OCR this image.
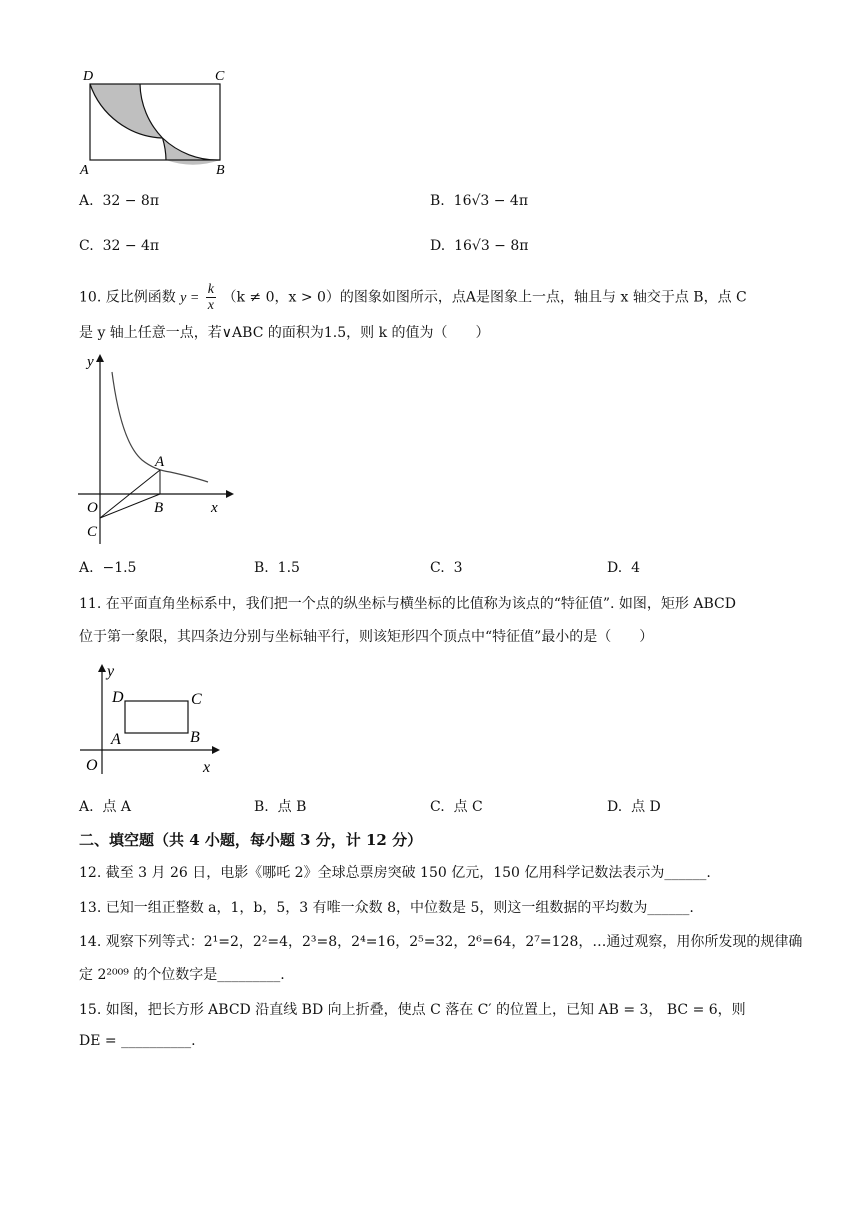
D	C
A	B
A. 32 − 8π	B. 16√3 − 4π
C. 32 − 4π	D. 16√3 − 8π
10. 反比例函数 $y = \frac{k}{x} (k \ne 0$，x > 0）的图象如图所示，点A是图象上一点，轴且与 x 轴交于点 B，点 C
是 y 轴上任意一点，若∨ABC 的面积为1.5，则 k 的值为（　　）
y
A
O	B	x
C
A. −1.5	B. 1.5	C. 3	D. 4
11. 在平面直角坐标系中，我们把一个点的纵坐标与横坐标的比值称为该点的“特征值”. 如图，矩形 ABCD
位于第一象限，其四条边分别与坐标轴平行，则该矩形四个顶点中“特征值”最小的是（　　）
y
D	C
A	B
O	x
A. 点 A	B. 点 B	C. 点 C	D. 点 D
二、填空题（共 4 小题，每小题 3 分，计 12 分）
12. 截至 3 月 26 日，电影《哪吒 2》全球总票房突破 150 亿元，150 亿用科学记数法表示为______.
13. 已知一组正整数 a，1，b，5，3 有唯一众数 8，中位数是 5，则这一组数据的平均数为______.
14. 观察下列等式：2¹=2，2²=4，2³=8，2⁴=16，2⁵=32，2⁶=64，2⁷=128，…通过观察，用你所发现的规律确
定 2²⁰⁰⁹ 的个位数字是_________.
15. 如图，把长方形 ABCD 沿直线 BD 向上折叠，使点 C 落在 C′ 的位置上，已知 AB = 3， BC = 6，则
DE = __________.
